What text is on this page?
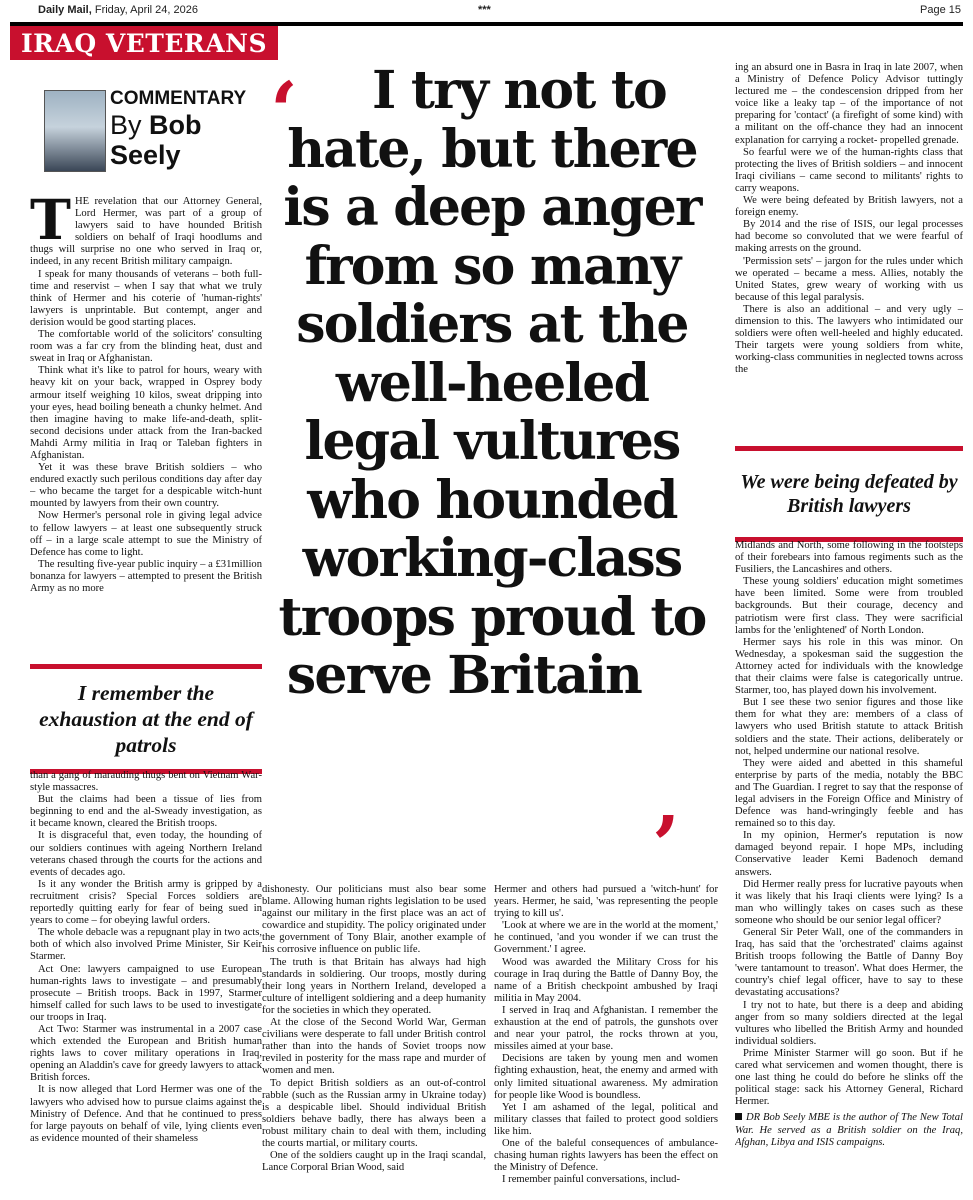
Daily Mail, Friday, April 24, 2026	***	Page 15
IRAQ VETERANS
COMMENTARY
By Bob
Seely
T HE revelation that our Attorney General, Lord Hermer, was part of a group of lawyers said to have hounded British soldiers on behalf of Iraqi hoodlums and thugs will surprise no one who served in Iraq or, indeed, in any recent British military campaign.

I speak for many thousands of veterans – both full-time and reservist – when I say that what we truly think of Hermer and his coterie of 'human-rights' lawyers is unprintable. But contempt, anger and derision would be good starting places.

The comfortable world of the solicitors' consulting room was a far cry from the blinding heat, dust and sweat in Iraq or Afghanistan.

Think what it's like to patrol for hours, weary with heavy kit on your back, wrapped in Osprey body armour itself weighing 10 kilos, sweat dripping into your eyes, head boiling beneath a chunky helmet. And then imagine having to make life-and-death, split-second decisions under attack from the Iran-backed Mahdi Army militia in Iraq or Taleban fighters in Afghanistan.

Yet it was these brave British soldiers – who endured exactly such perilous conditions day after day – who became the target for a despicable witch-hunt mounted by lawyers from their own country.

Now Hermer's personal role in giving legal advice to fellow lawyers – at least one subsequently struck off – in a large scale attempt to sue the Ministry of Defence has come to light.

The resulting five-year public inquiry – a £31million bonanza for lawyers – attempted to present the British Army as no more

I remember the exhaustion at the end of patrols

than a gang of marauding thugs bent on Vietnam War-style massacres.

But the claims had been a tissue of lies from beginning to end and the al-Sweady investigation, as it became known, cleared the British troops.

It is disgraceful that, even today, the hounding of our soldiers continues with ageing Northern Ireland veterans chased through the courts for the actions and events of decades ago.

Is it any wonder the British army is gripped by a recruitment crisis? Special Forces soldiers are reportedly quitting early for fear of being sued in years to come – for obeying lawful orders.

The whole debacle was a repugnant play in two acts, both of which also involved Prime Minister, Sir Keir Starmer.

Act One: lawyers campaigned to use European human-rights laws to investigate – and presumably prosecute – British troops. Back in 1997, Starmer himself called for such laws to be used to investigate our troops in Iraq.

Act Two: Starmer was instrumental in a 2007 case which extended the European and British human rights laws to cover military operations in Iraq, opening an Aladdin's cave for greedy lawyers to attack British forces.

It is now alleged that Lord Hermer was one of the lawyers who advised how to pursue claims against the Ministry of Defence. And that he continued to press for large payouts on behalf of vile, lying clients even as evidence mounted of their shameless

‘	I try not to
hate, but there
is a deep anger
from so many
soldiers at the
well-heeled
legal vultures
who hounded
working-class
troops proud to
serve Britain
’

dishonesty. Our politicians must also bear some blame. Allowing human rights legislation to be used against our military in the first place was an act of cowardice and stupidity. The policy originated under the government of Tony Blair, another example of his corrosive influence on public life.

The truth is that Britain has always had high standards in soldiering. Our troops, mostly during their long years in Northern Ireland, developed a culture of intelligent soldiering and a deep humanity for the societies in which they operated.

At the close of the Second World War, German civilians were desperate to fall under British control rather than into the hands of Soviet troops now reviled in posterity for the mass rape and murder of women and men.

To depict British soldiers as an out-of-control rabble (such as the Russian army in Ukraine today) is a despicable libel. Should individual British soldiers behave badly, there has always been a robust military chain to deal with them, including the courts martial, or military courts.

One of the soldiers caught up in the Iraqi scandal, Lance Corporal Brian Wood, said

Hermer and others had pursued a 'witch-hunt' for years. Hermer, he said, 'was representing the people trying to kill us'.

'Look at where we are in the world at the moment,' he continued, 'and you wonder if we can trust the Government.' I agree.

Wood was awarded the Military Cross for his courage in Iraq during the Battle of Danny Boy, the name of a British checkpoint ambushed by Iraqi militia in May 2004.

I served in Iraq and Afghanistan. I remember the exhaustion at the end of patrols, the gunshots over and near your patrol, the rocks thrown at you, missiles aimed at your base.

Decisions are taken by young men and women fighting exhaustion, heat, the enemy and armed with only limited situational awareness. My admiration for people like Wood is boundless.

Yet I am ashamed of the legal, political and military classes that failed to protect good soldiers like him.

One of the baleful consequences of ambulance-chasing human rights lawyers has been the effect on the Ministry of Defence.

I remember painful conversations, includ-

ing an absurd one in Basra in Iraq in late 2007, when a Ministry of Defence Policy Advisor tuttingly lectured me – the condescension dripped from her voice like a leaky tap – of the importance of not preparing for 'contact' (a firefight of some kind) with a militant on the off-chance they had an innocent explanation for carrying a rocket- propelled grenade.

So fearful were we of the human-rights class that protecting the lives of British soldiers – and innocent Iraqi civilians – came second to militants' rights to carry weapons.

We were being defeated by British lawyers, not a foreign enemy.

By 2014 and the rise of ISIS, our legal processes had become so convoluted that we were fearful of making arrests on the ground.

'Permission sets' – jargon for the rules under which we operated – became a mess. Allies, notably the United States, grew weary of working with us because of this legal paralysis.

There is also an additional – and very ugly – dimension to this. The lawyers who intimidated our soldiers were often well-heeled and highly educated. Their targets were young soldiers from white, working-class communities in neglected towns across the

We were being defeated by British lawyers

Midlands and North, some following in the footsteps of their forebears into famous regiments such as the Fusiliers, the Lancashires and others.

These young soldiers' education might sometimes have been limited. Some were from troubled backgrounds. But their courage, decency and patriotism were first class. They were sacrificial lambs for the 'enlightened' of North London.

Hermer says his role in this was minor. On Wednesday, a spokesman said the suggestion the Attorney acted for individuals with the knowledge that their claims were false is categorically untrue. Starmer, too, has played down his involvement.

But I see these two senior figures and those like them for what they are: members of a class of lawyers who used British statute to attack British soldiers and the state. Their actions, deliberately or not, helped undermine our national resolve.

They were aided and abetted in this shameful enterprise by parts of the media, notably the BBC and The Guardian. I regret to say that the response of legal advisers in the Foreign Office and Ministry of Defence was hand-wringingly feeble and has remained so to this day.

In my opinion, Hermer's reputation is now damaged beyond repair. I hope MPs, including Conservative leader Kemi Badenoch demand answers.

Did Hermer really press for lucrative payouts when it was likely that his Iraqi clients were lying? Is a man who willingly takes on cases such as these someone who should be our senior legal officer?

General Sir Peter Wall, one of the commanders in Iraq, has said that the 'orchestrated' claims against British troops following the Battle of Danny Boy 'were tantamount to treason'. What does Hermer, the country's chief legal officer, have to say to these devastating accusations?

I try not to hate, but there is a deep and abiding anger from so many soldiers directed at the legal vultures who libelled the British Army and hounded individual soldiers.

Prime Minister Starmer will go soon. But if he cared what servicemen and women thought, there is one last thing he could do before he slinks off the political stage: sack his Attorney General, Richard Hermer.

DR Bob Seely MBE is the author of The New Total War. He served as a British soldier on the Iraq, Afghan, Libya and ISIS campaigns.
